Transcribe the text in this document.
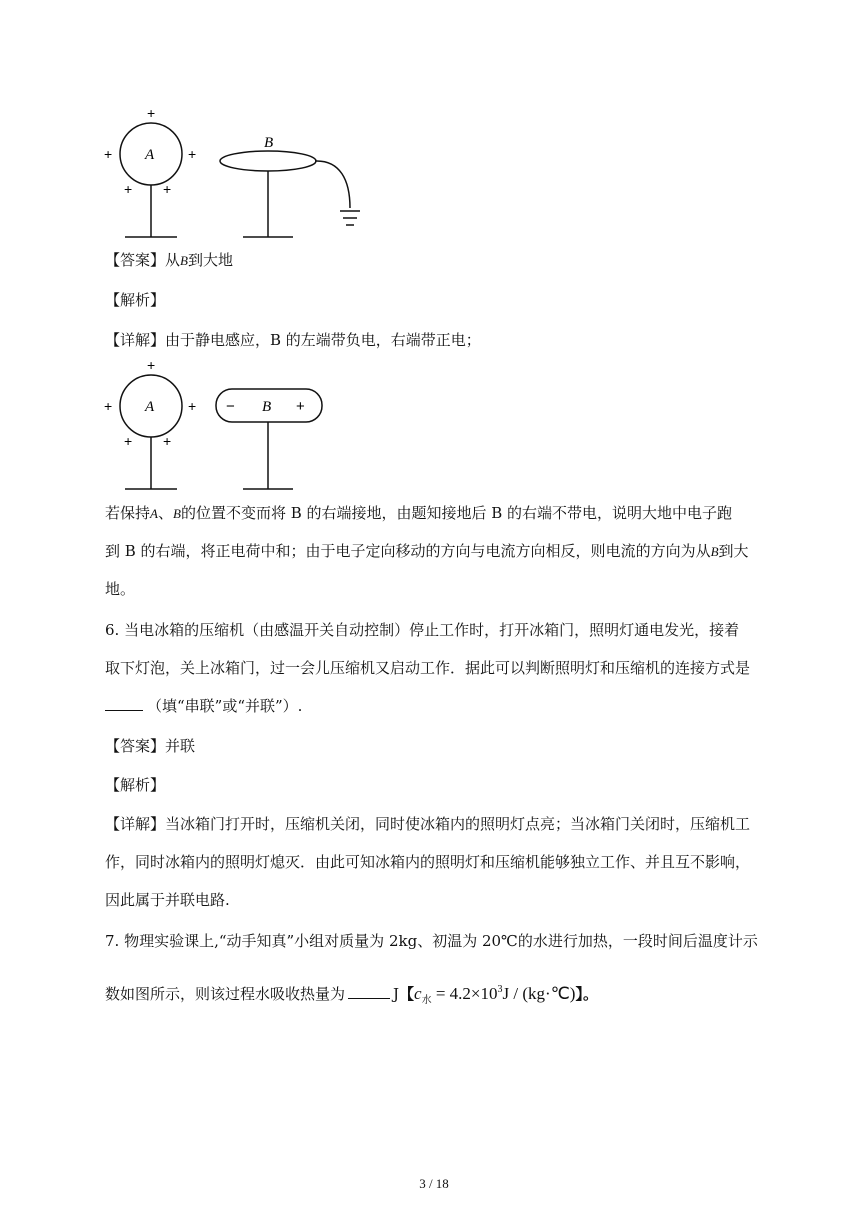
A
+
+	+
+ +
B
【答案】从B到大地
【解析】
【详解】由于静电感应，B 的左端带负电，右端带正电；
A
+
+	+
+ +
− B +
若保持A、B的位置不变而将 B 的右端接地，由题知接地后 B 的右端不带电，说明大地中电子跑
到 B 的右端，将正电荷中和；由于电子定向移动的方向与电流方向相反，则电流的方向为从B到大
地。
6. 当电冰箱的压缩机（由感温开关自动控制）停止工作时，打开冰箱门，照明灯通电发光，接着
取下灯泡，关上冰箱门，过一会儿压缩机又启动工作．据此可以判断照明灯和压缩机的连接方式是
（填“串联”或“并联”）.
【答案】并联
【解析】
【详解】当冰箱门打开时，压缩机关闭，同时使冰箱内的照明灯点亮；当冰箱门关闭时，压缩机工
作，同时冰箱内的照明灯熄灭．由此可知冰箱内的照明灯和压缩机能够独立工作、并且互不影响，
因此属于并联电路.
7. 物理实验课上,“动手知真”小组对质量为 2kg、初温为 20℃的水进行加热，一段时间后温度计示
数如图所示，则该过程水吸收热量为	J【$c_水 = 4.2\times 10^3J$ / (kg·℃)】。
3 / 18
